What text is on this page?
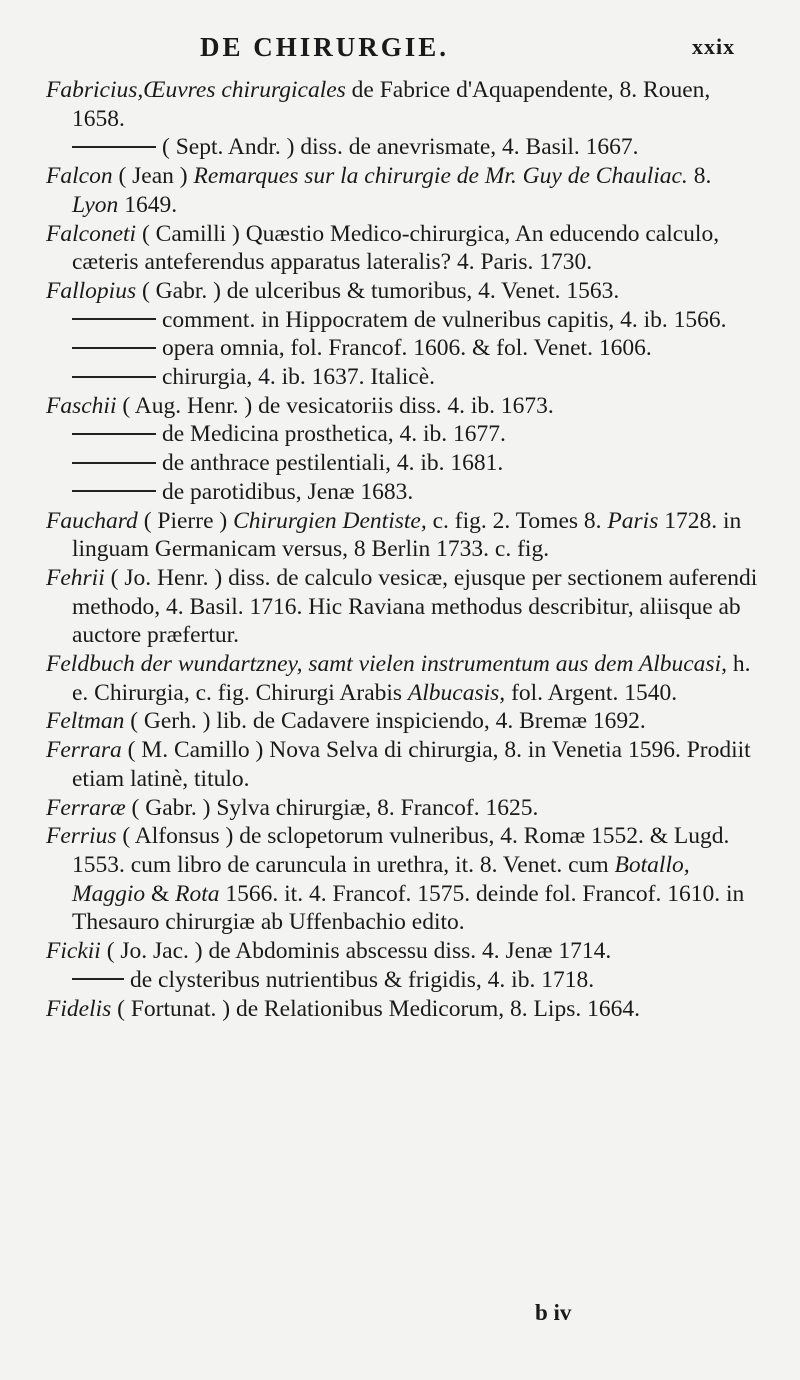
DE CHIRURGIE.	xxix
Fabricius,Œuvres chirurgicales de Fabrice d'Aquapendente, 8. Rouen, 1658.
( Sept. Andr. ) diss. de anevrismate, 4. Basil. 1667.
Falcon ( Jean ) Remarques sur la chirurgie de Mr. Guy de Chauliac. 8. Lyon 1649.
Falconeti ( Camilli ) Quæstio Medico-chirurgica, An educendo calculo, cæteris anteferendus apparatus lateralis? 4. Paris. 1730.
Fallopius ( Gabr. ) de ulceribus & tumoribus, 4. Venet. 1563.
comment. in Hippocratem de vulneribus capitis, 4. ib. 1566.
opera omnia, fol. Francof. 1606. & fol. Venet. 1606.
chirurgia, 4. ib. 1637. Italicè.
Faschii ( Aug. Henr. ) de vesicatoriis diss. 4. ib. 1673.
de Medicina prosthetica, 4. ib. 1677.
de anthrace pestilentiali, 4. ib. 1681.
de parotidibus, Jenæ 1683.
Fauchard ( Pierre ) Chirurgien Dentiste, c. fig. 2. Tomes 8. Paris 1728. in linguam Germanicam versus, 8 Berlin 1733. c. fig.
Fehrii ( Jo. Henr. ) diss. de calculo vesicæ, ejusque per sectionem auferendi methodo, 4. Basil. 1716. Hic Raviana methodus describitur, aliisque ab auctore præfertur.
Feldbuch der wundartzney, samt vielen instrumentum aus dem Albucasi, h. e. Chirurgia, c. fig. Chirurgi Arabis Albucasis, fol. Argent. 1540.
Feltman ( Gerh. ) lib. de Cadavere inspiciendo, 4. Bremæ 1692.
Ferrara ( M. Camillo ) Nova Selva di chirurgia, 8. in Venetia 1596. Prodiit etiam latinè, titulo.
Ferraræ ( Gabr. ) Sylva chirurgiæ, 8. Francof. 1625.
Ferrius ( Alfonsus ) de sclopetorum vulneribus, 4. Romæ 1552. & Lugd. 1553. cum libro de caruncula in urethra, it. 8. Venet. cum Botallo, Maggio & Rota 1566. it. 4. Francof. 1575. deinde fol. Francof. 1610. in Thesauro chirurgiæ ab Uffenbachio edito.
Fickii ( Jo. Jac. ) de Abdominis abscessu diss. 4. Jenæ 1714.
de clysteribus nutrientibus & frigidis, 4. ib. 1718.
Fidelis ( Fortunat. ) de Relationibus Medicorum, 8. Lips. 1664.
b iv
